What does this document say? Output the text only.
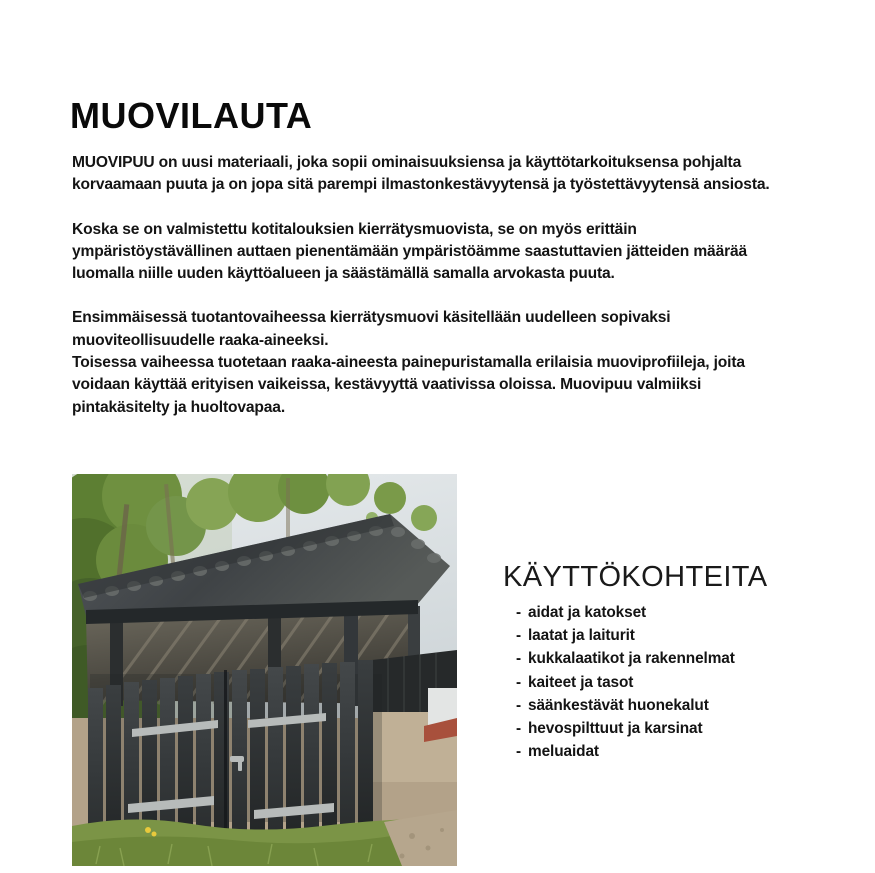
MUOVILAUTA

MUOVIPUU on uusi materiaali, joka sopii ominaisuuksiensa ja käyttötarkoituksensa pohjalta korvaamaan puuta ja on jopa sitä parempi ilmastonkestävyytensä ja työstettävyytensä ansiosta.

Koska se on valmistettu kotitalouksien kierrätysmuovista, se on myös erittäin ympäristöystävällinen auttaen pienentämään ympäristöämme saastuttavien jätteiden määrää luomalla niille uuden käyttöalueen ja säästämällä samalla arvokasta puuta.

Ensimmäisessä tuotantovaiheessa kierrätysmuovi käsitellään uudelleen sopivaksi muoviteollisuudelle raaka-aineeksi.

Toisessa vaiheessa tuotetaan raaka-aineesta painepuristamalla erilaisia muoviprofiileja, joita voidaan käyttää erityisen vaikeissa, kestävyyttä vaativissa oloissa. Muovipuu valmiiksi pintakäsitelty ja huoltovapaa.

KÄYTTÖKOHTEITA
- aidat ja katokset
- laatat ja laiturit
- kukkalaatikot ja rakennelmat
- kaiteet ja tasot
- säänkestävät huonekalut
- hevospilttuut ja karsinat
- meluaidat
